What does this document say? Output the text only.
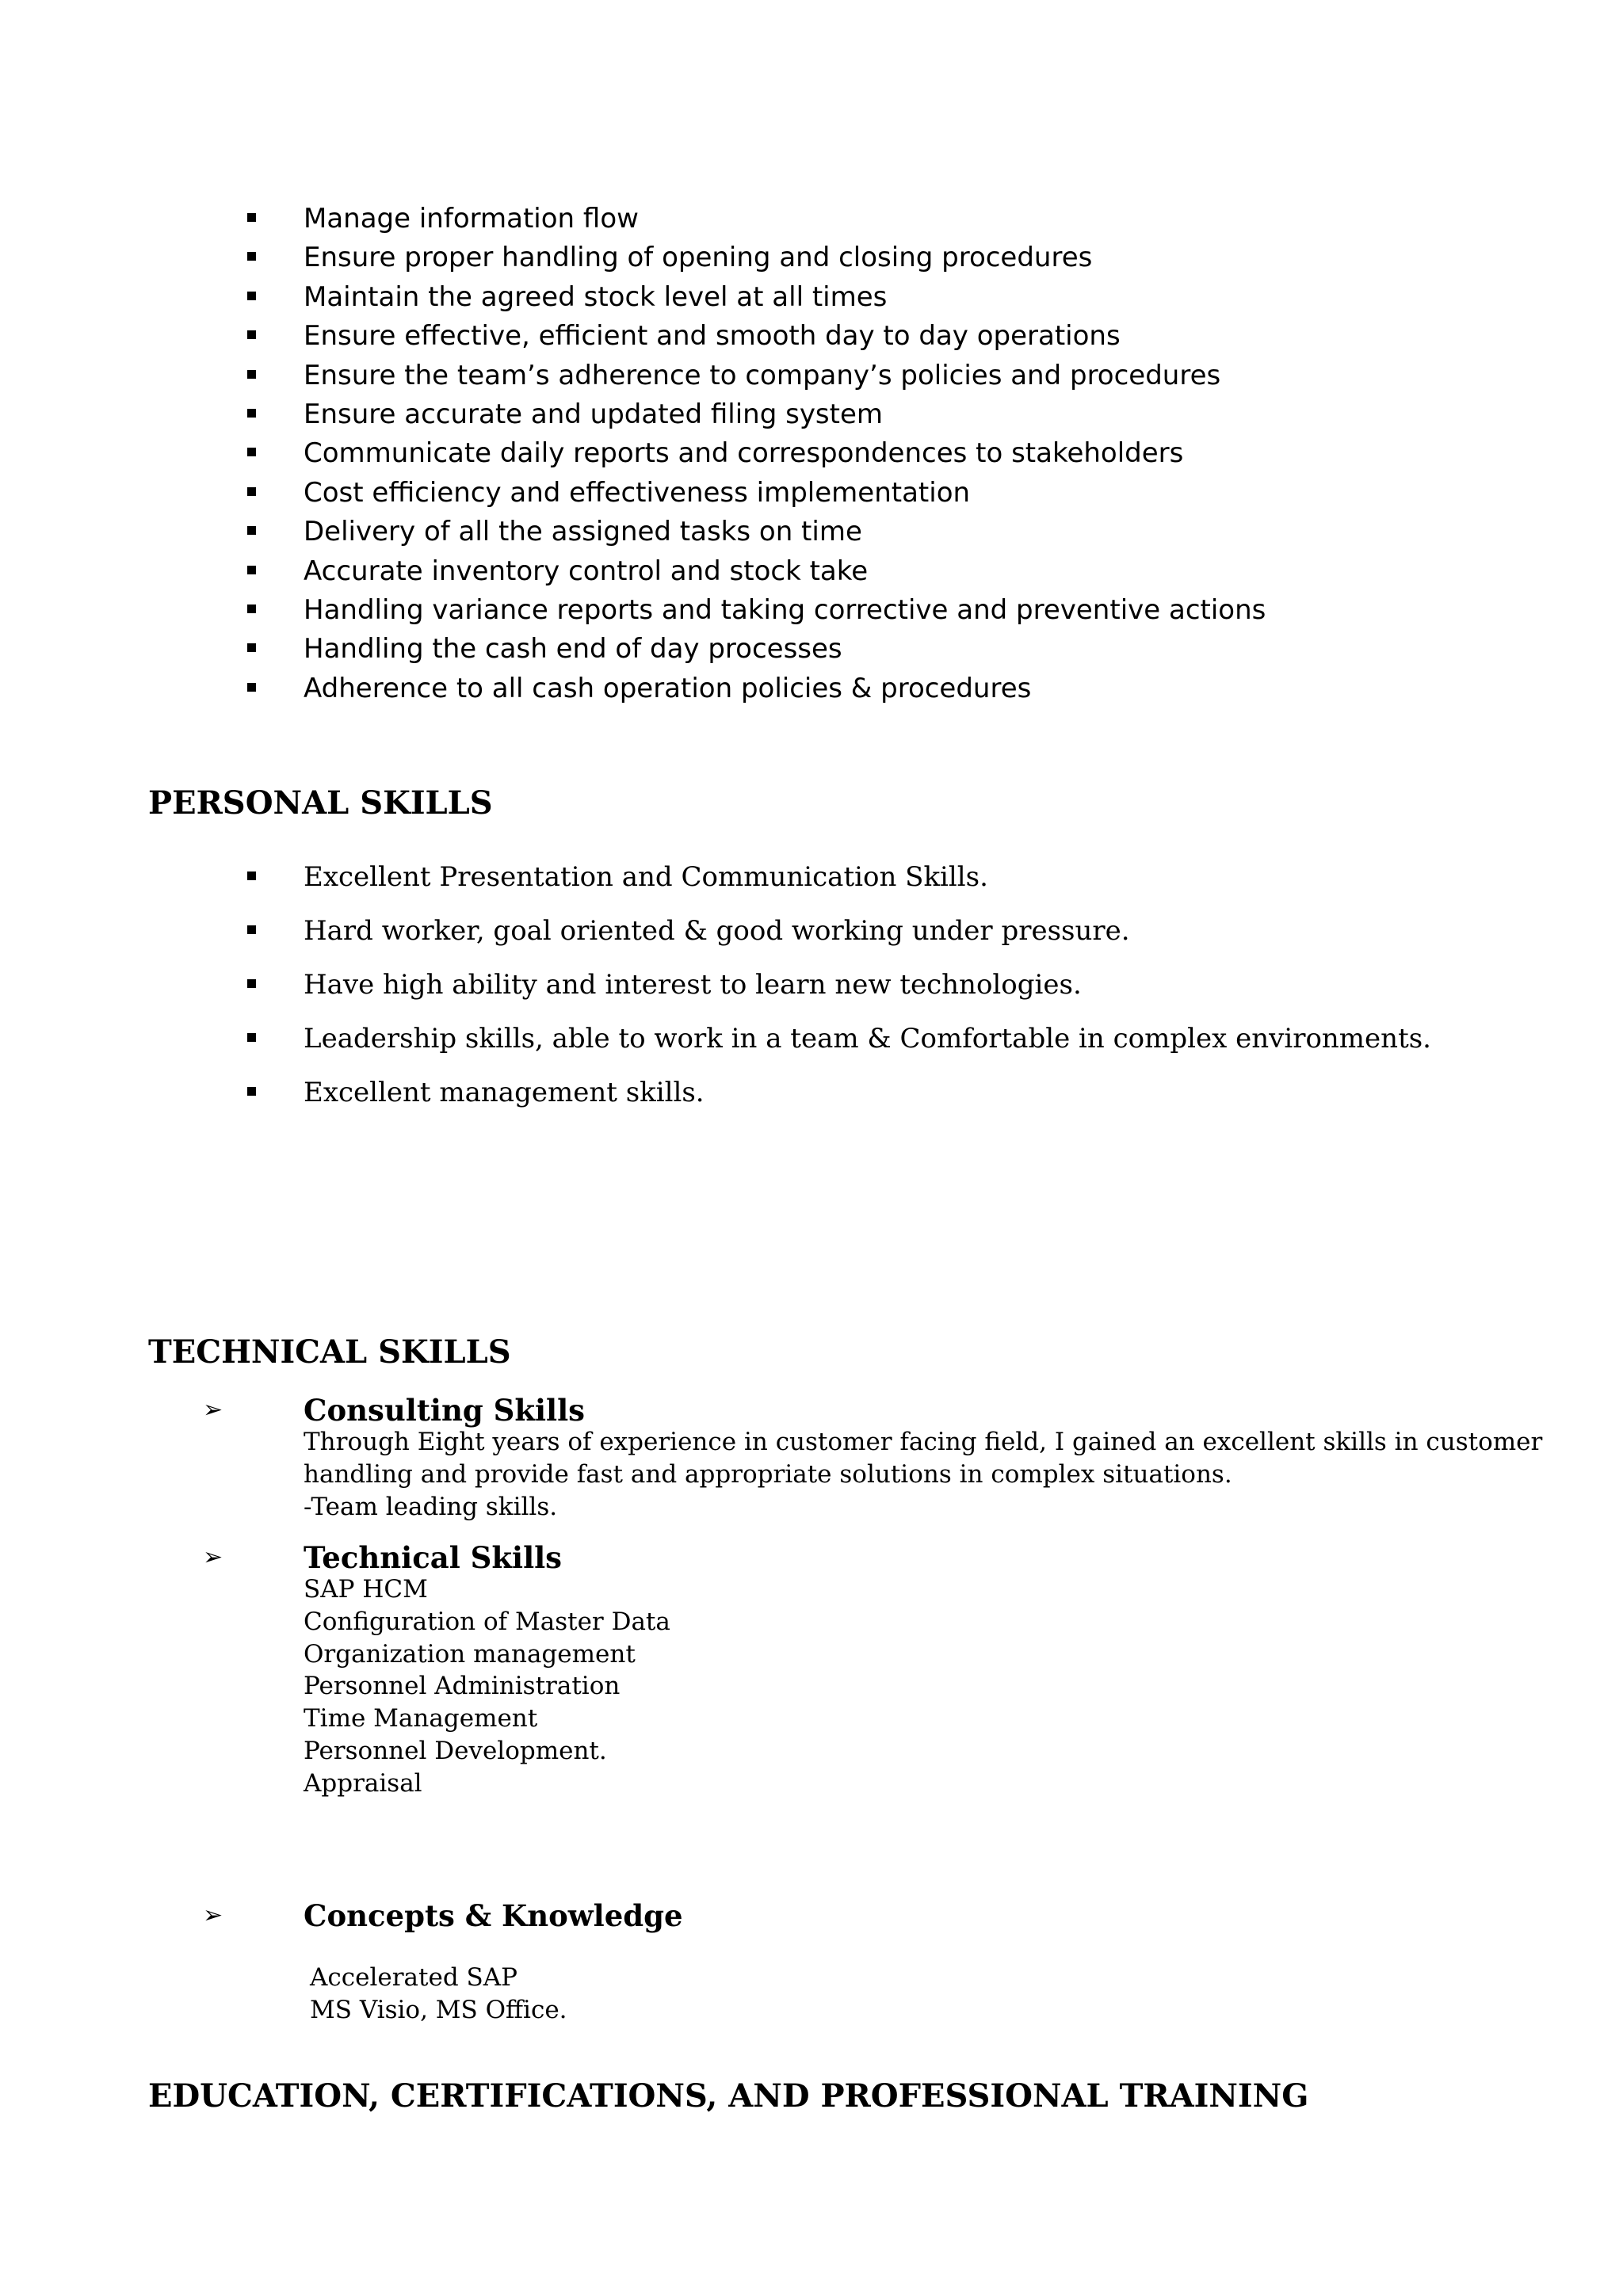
Manage information flow
Ensure proper handling of opening and closing procedures
Maintain the agreed stock level at all times
Ensure effective, efficient and smooth day to day operations
Ensure the team’s adherence to company’s policies and procedures
Ensure accurate and updated filing system
Communicate daily reports and correspondences to stakeholders
Cost efficiency and effectiveness implementation
Delivery of all the assigned tasks on time
Accurate inventory control and stock take
Handling variance reports and taking corrective and preventive actions
Handling the cash end of day processes
Adherence to all cash operation policies & procedures
PERSONAL SKILLS
Excellent Presentation and Communication Skills.
Hard worker, goal oriented & good working under pressure.
Have high ability and interest to learn new technologies.
Leadership skills, able to work in a team & Comfortable in complex environments.
Excellent management skills.
TECHNICAL SKILLS
➢	Consulting Skills
Through Eight years of experience in customer facing field, I gained an excellent skills in customer
handling and provide fast and appropriate solutions in complex situations.
-Team leading skills.
➢	Technical Skills
SAP HCM
Configuration of Master Data
Organization management
Personnel Administration
Time Management
Personnel Development.
Appraisal
➢	Concepts & Knowledge
Accelerated SAP
MS Visio, MS Office.
EDUCATION, CERTIFICATIONS, AND PROFESSIONAL TRAINING
